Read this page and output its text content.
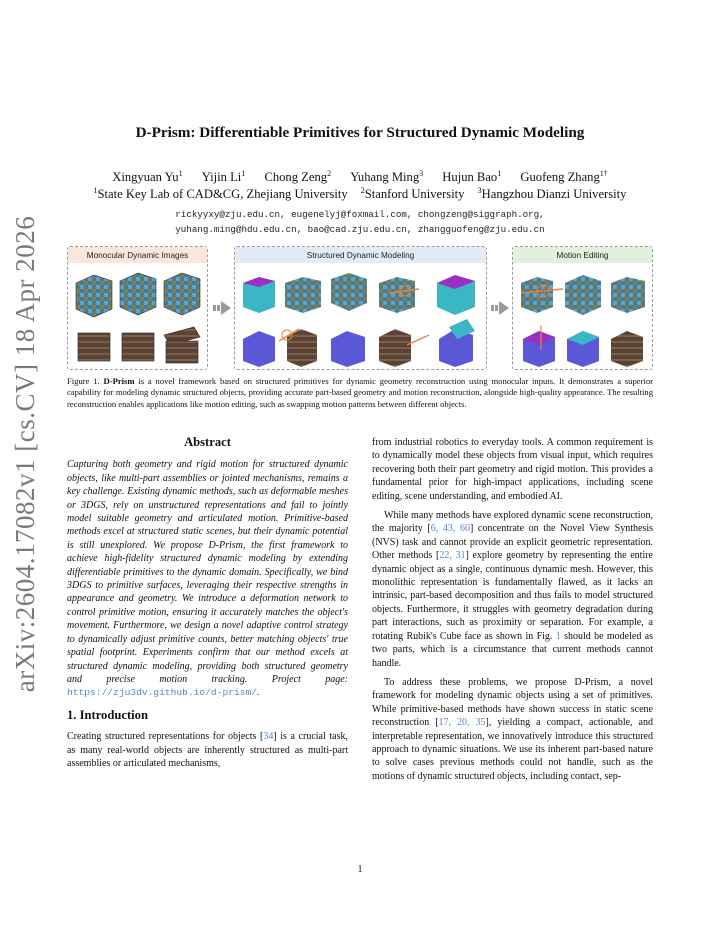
arXiv:2604.17082v1 [cs.CV] 18 Apr 2026
D-Prism: Differentiable Primitives for Structured Dynamic Modeling
Xingyuan Yu$^1$ Yijin Li$^1$ Chong Zeng$^2$ Yuhang Ming$^3$ Hujun Bao$^1$ Guofeng Zhang$^{1\dagger}$
$^1$State Key Lab of CAD&CG, Zhejiang University $^2$Stanford University $^3$Hangzhou Dianzi University
rickyyxy@zju.edu.cn, eugenelyj@foxmail.com, chongzeng@siggraph.org,
yuhang.ming@hdu.edu.cn, bao@cad.zju.edu.cn, zhangguofeng@zju.edu.cn
Monocular Dynamic Images	Structured Dynamic Modeling	Motion Editing
Figure 1. D-Prism is a novel framework based on structured primitives for dynamic geometry reconstruction using monocular inputs. It demonstrates a superior capability for modeling dynamic structured objects, providing accurate part-based geometry and motion reconstruction, alongside high-quality appearance. The resulting reconstruction enables applications like motion editing, such as swapping motion patterns between different objects.
Abstract
Capturing both geometry and rigid motion for structured dynamic objects, like multi-part assemblies or jointed mechanisms, remains a key challenge. Existing dynamic methods, such as deformable meshes or 3DGS, rely on unstructured representations and fail to jointly model suitable geometry and articulated motion. Primitive-based methods excel at structured static scenes, but their dynamic potential is still unexplored. We propose D-Prism, the first framework to achieve high-fidelity structured dynamic modeling by extending differentiable primitives to the dynamic domain. Specifically, we bind 3DGS to primitive surfaces, leveraging their respective strengths in appearance and geometry. We introduce a deformation network to control primitive motion, ensuring it accurately matches the object's movement. Furthermore, we design a novel adaptive control strategy to dynamically adjust primitive counts, better matching objects' true spatial footprint. Experiments confirm that our method excels at structured dynamic modeling, providing both structured geometry and precise motion tracking. Project page: https://zju3dv.github.io/d-prism/.
1. Introduction
Creating structured representations for objects [34] is a crucial task, as many real-world objects are inherently structured as multi-part assemblies or articulated mechanisms,
from industrial robotics to everyday tools. A common requirement is to dynamically model these objects from visual input, which requires recovering both their part geometry and rigid motion. This provides a fundamental prior for high-impact applications, including scene editing, scene understanding, and embodied AI.
While many methods have explored dynamic scene reconstruction, the majority [6, 43, 60] concentrate on the Novel View Synthesis (NVS) task and cannot provide an explicit geometric representation. Other methods [22, 31] explore geometry by representing the entire dynamic object as a single, continuous dynamic mesh. However, this monolithic representation is fundamentally flawed, as it lacks an intrinsic, part-based decomposition and thus fails to model structured objects. Furthermore, it struggles with geometry degradation during part interactions, such as proximity or separation. For example, a rotating Rubik's Cube face as shown in Fig. 1 should be modeled as two parts, which is a circumstance that current methods cannot handle.
To address these problems, we propose D-Prism, a novel framework for modeling dynamic objects using a set of primitives. While primitive-based methods have shown success in static scene reconstruction [17, 20, 35], yielding a compact, actionable, and interpretable representation, we innovatively introduce this structured approach to dynamic situations. We use its inherent part-based nature to solve cases previous methods could not handle, such as the motions of dynamic structured objects, including contact, sep-
1
